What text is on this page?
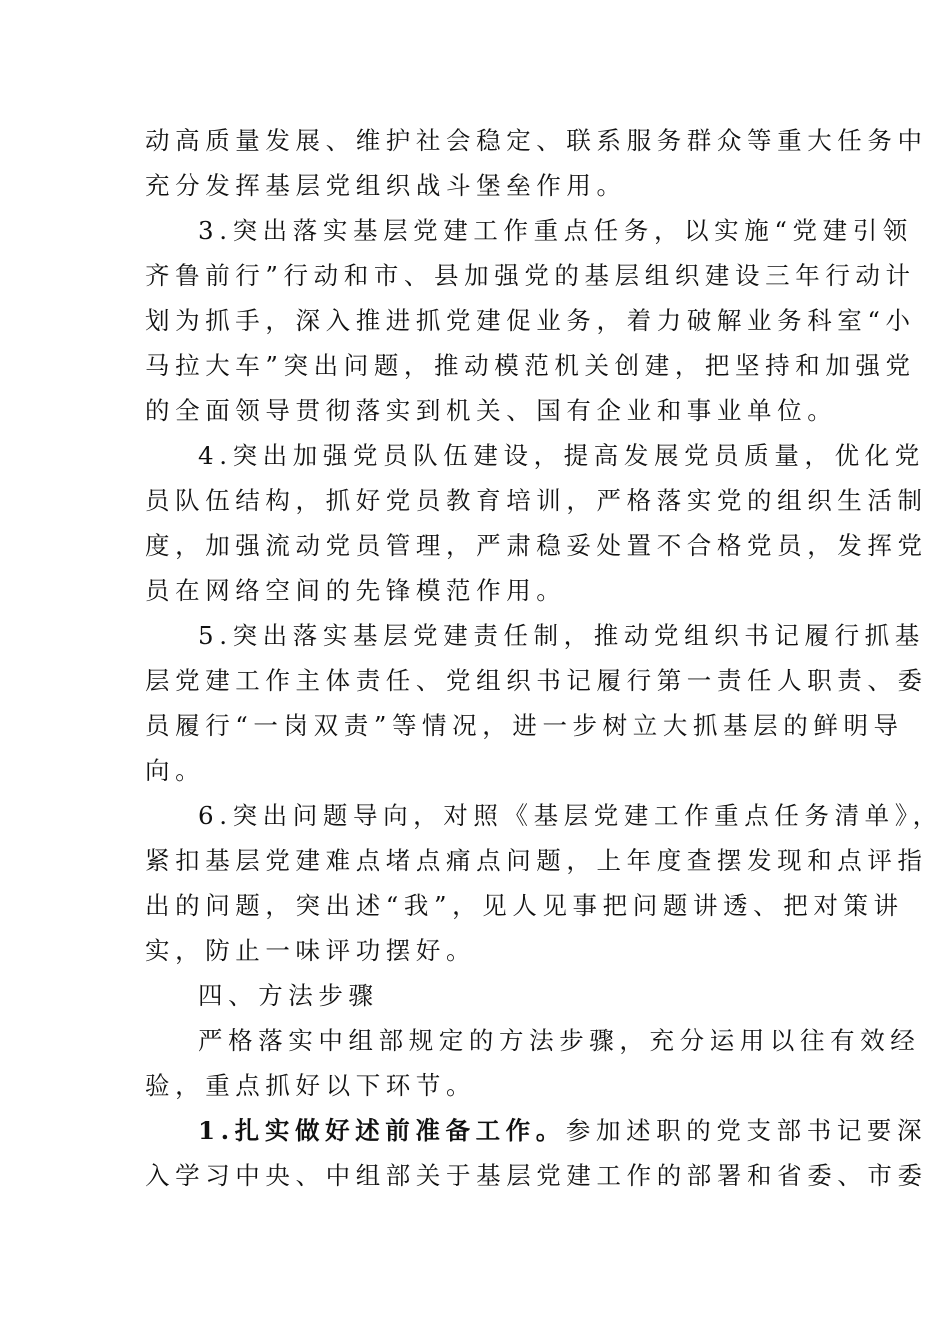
动高质量发展、维护社会稳定、联系服务群众等重大任务中
充分发挥基层党组织战斗堡垒作用。
3.突出落实基层党建工作重点任务，以实施“党建引领
齐鲁前行”行动和市、县加强党的基层组织建设三年行动计
划为抓手，深入推进抓党建促业务，着力破解业务科室“小
马拉大车”突出问题，推动模范机关创建，把坚持和加强党
的全面领导贯彻落实到机关、国有企业和事业单位。
4.突出加强党员队伍建设，提高发展党员质量，优化党
员队伍结构，抓好党员教育培训，严格落实党的组织生活制
度，加强流动党员管理，严肃稳妥处置不合格党员，发挥党
员在网络空间的先锋模范作用。
5.突出落实基层党建责任制，推动党组织书记履行抓基
层党建工作主体责任、党组织书记履行第一责任人职责、委
员履行“一岗双责”等情况，进一步树立大抓基层的鲜明导
向。
6.突出问题导向，对照《基层党建工作重点任务清单》，
紧扣基层党建难点堵点痛点问题，上年度查摆发现和点评指
出的问题，突出述“我”，见人见事把问题讲透、把对策讲
实，防止一味评功摆好。
四、方法步骤
严格落实中组部规定的方法步骤，充分运用以往有效经
验，重点抓好以下环节。
1.扎实做好述前准备工作。参加述职的党支部书记要深
入学习中央、中组部关于基层党建工作的部署和省委、市委
